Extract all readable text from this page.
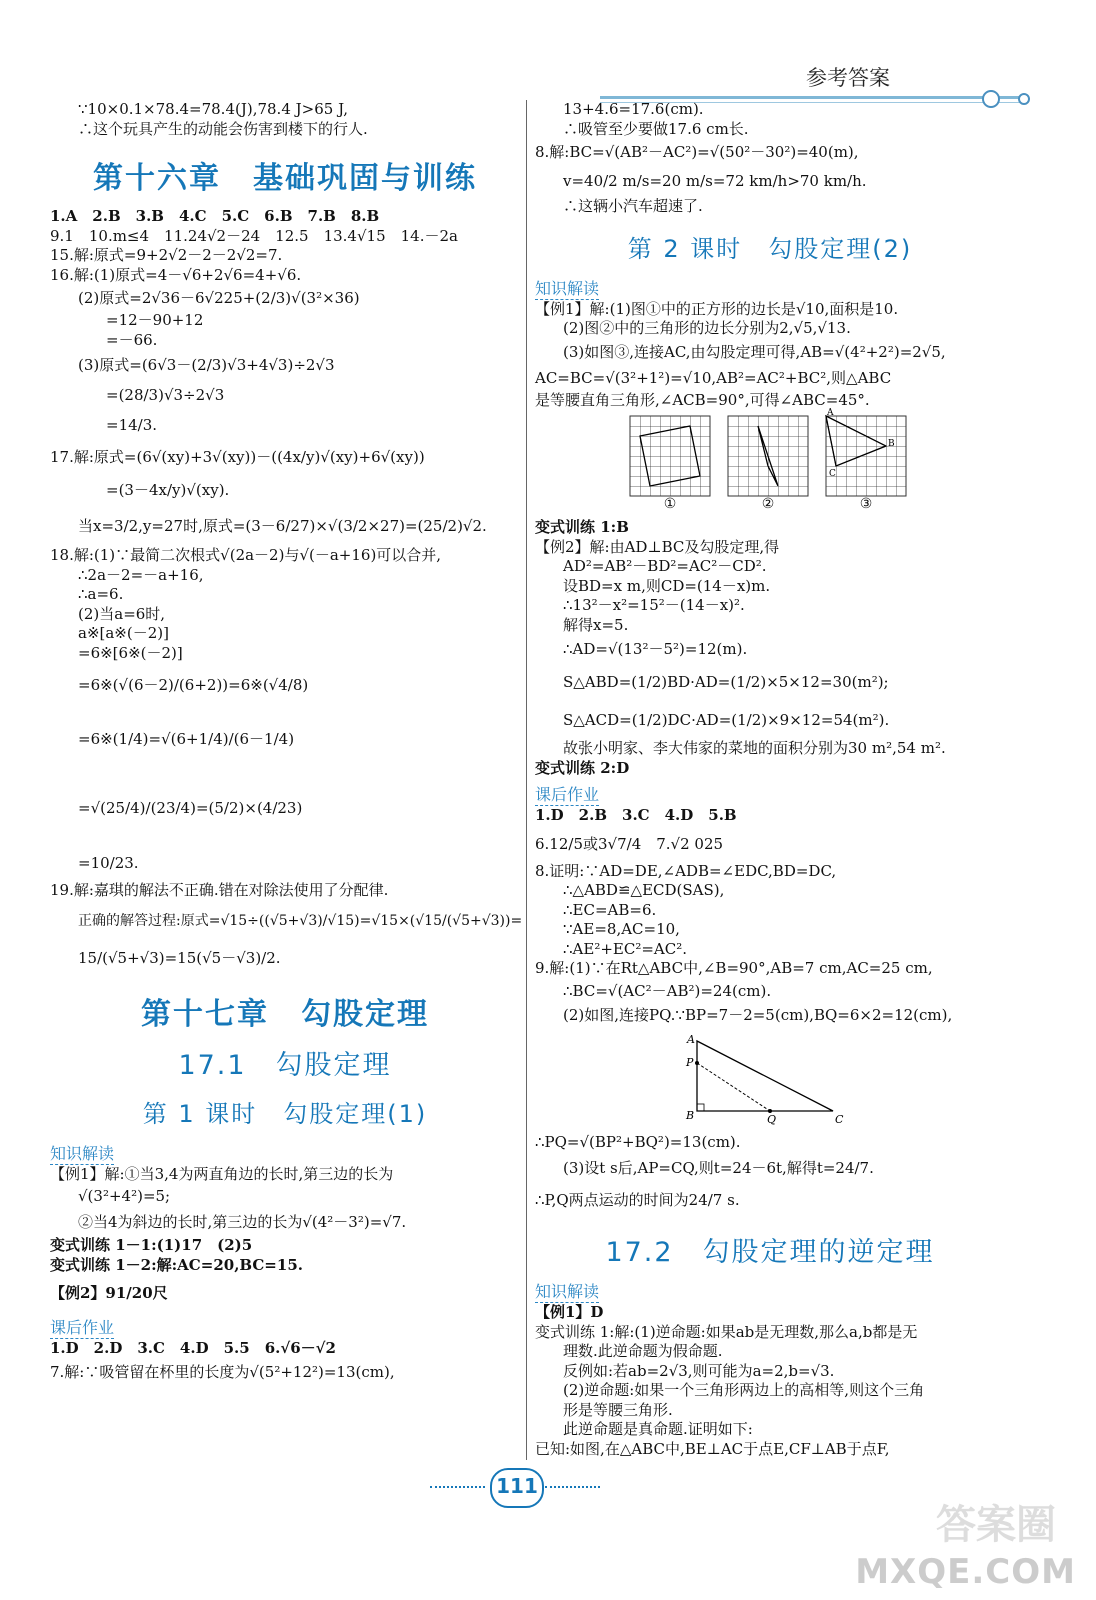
参考答案
∵10×0.1×78.4=78.4(J),78.4 J>65 J,
∴这个玩具产生的动能会伤害到楼下的行人.
第十六章　基础巩固与训练
1.A　2.B　3.B　4.C　5.C　6.B　7.B　8.B
9.1　10.m≤4　11.24√2－24　12.5　13.4√15　14.－2a
15.解:原式=9+2√2－2－2√2=7.
16.解:(1)原式=4－√6+2√6=4+√6.
(2)原式=2√36－6√225+(2/3)√(3²×36)
=12－90+12
=－66.
(3)原式=(6√3－(2/3)√3+4√3)÷2√3
=(28/3)√3÷2√3
=14/3.
17.解:原式=(6√(xy)+3√(xy))－((4x/y)√(xy)+6√(xy))
=(3－4x/y)√(xy).
当x=3/2,y=27时,原式=(3－6/27)×√(3/2×27)=(25/2)√2.
18.解:(1)∵最简二次根式√(2a－2)与√(－a+16)可以合并,
∴2a－2=－a+16,
∴a=6.
(2)当a=6时,
a※[a※(－2)]
=6※[6※(－2)]
=6※(√(6－2)/(6+2))=6※(√4/8)
=6※(1/4)=√(6+1/4)/(6－1/4)
=√(25/4)/(23/4)=(5/2)×(4/23)
=10/23.
19.解:嘉琪的解法不正确.错在对除法使用了分配律.
正确的解答过程:原式=√15÷((√5+√3)/√15)=√15×(√15/(√5+√3))=
15/(√5+√3)=15(√5－√3)/2.
第十七章　勾股定理
17.1　勾股定理
第 1 课时　勾股定理(1)
知识解读
【例1】解:①当3,4为两直角边的长时,第三边的长为
√(3²+4²)=5;
②当4为斜边的长时,第三边的长为√(4²－3²)=√7.
变式训练 1－1:(1)17　(2)5
变式训练 1－2:解:AC=20,BC=15.
【例2】91/20尺
课后作业
1.D　2.D　3.C　4.D　5.5　6.√6－√2
7.解:∵吸管留在杯里的长度为√(5²+12²)=13(cm),
13+4.6=17.6(cm).
∴吸管至少要做17.6 cm长.
8.解:BC=√(AB²－AC²)=√(50²－30²)=40(m),
v=40/2 m/s=20 m/s=72 km/h>70 km/h.
∴这辆小汽车超速了.
第 2 课时　勾股定理(2)
知识解读
【例1】解:(1)图①中的正方形的边长是√10,面积是10.
(2)图②中的三角形的边长分别为2,√5,√13.
(3)如图③,连接AC,由勾股定理可得,AB=√(4²+2²)=2√5,
AC=BC=√(3²+1²)=√10,AB²=AC²+BC²,则△ABC
是等腰直角三角形,∠ACB=90°,可得∠ABC=45°.
①	②
A
B
C
③
变式训练 1:B
【例2】解:由AD⊥BC及勾股定理,得
AD²=AB²－BD²=AC²－CD².
设BD=x m,则CD=(14－x)m.
∴13²－x²=15²－(14－x)².
解得x=5.
∴AD=√(13²－5²)=12(m).
S△ABD=(1/2)BD·AD=(1/2)×5×12=30(m²);
S△ACD=(1/2)DC·AD=(1/2)×9×12=54(m²).
故张小明家、李大伟家的菜地的面积分别为30 m²,54 m².
变式训练 2:D
课后作业
1.D　2.B　3.C　4.D　5.B
6.12/5或3√7/4　7.√2 025
8.证明:∵AD=DE,∠ADB=∠EDC,BD=DC,
∴△ABD≌△ECD(SAS),
∴EC=AB=6.
∵AE=8,AC=10,
∴AE²+EC²=AC².
9.解:(1)∵在Rt△ABC中,∠B=90°,AB=7 cm,AC=25 cm,
∴BC=√(AC²－AB²)=24(cm).
(2)如图,连接PQ.∵BP=7－2=5(cm),BQ=6×2=12(cm),
A
P
B	Q	C
∴PQ=√(BP²+BQ²)=13(cm).
(3)设t s后,AP=CQ,则t=24－6t,解得t=24/7.
∴P,Q两点运动的时间为24/7 s.
17.2　勾股定理的逆定理
知识解读
【例1】D
变式训练 1:解:(1)逆命题:如果ab是无理数,那么a,b都是无
理数.此逆命题为假命题.
反例如:若ab=2√3,则可能为a=2,b=√3.
(2)逆命题:如果一个三角形两边上的高相等,则这个三角
形是等腰三角形.
此逆命题是真命题.证明如下:
已知:如图,在△ABC中,BE⊥AC于点E,CF⊥AB于点F,
111
答案圈
MXQE.COM
